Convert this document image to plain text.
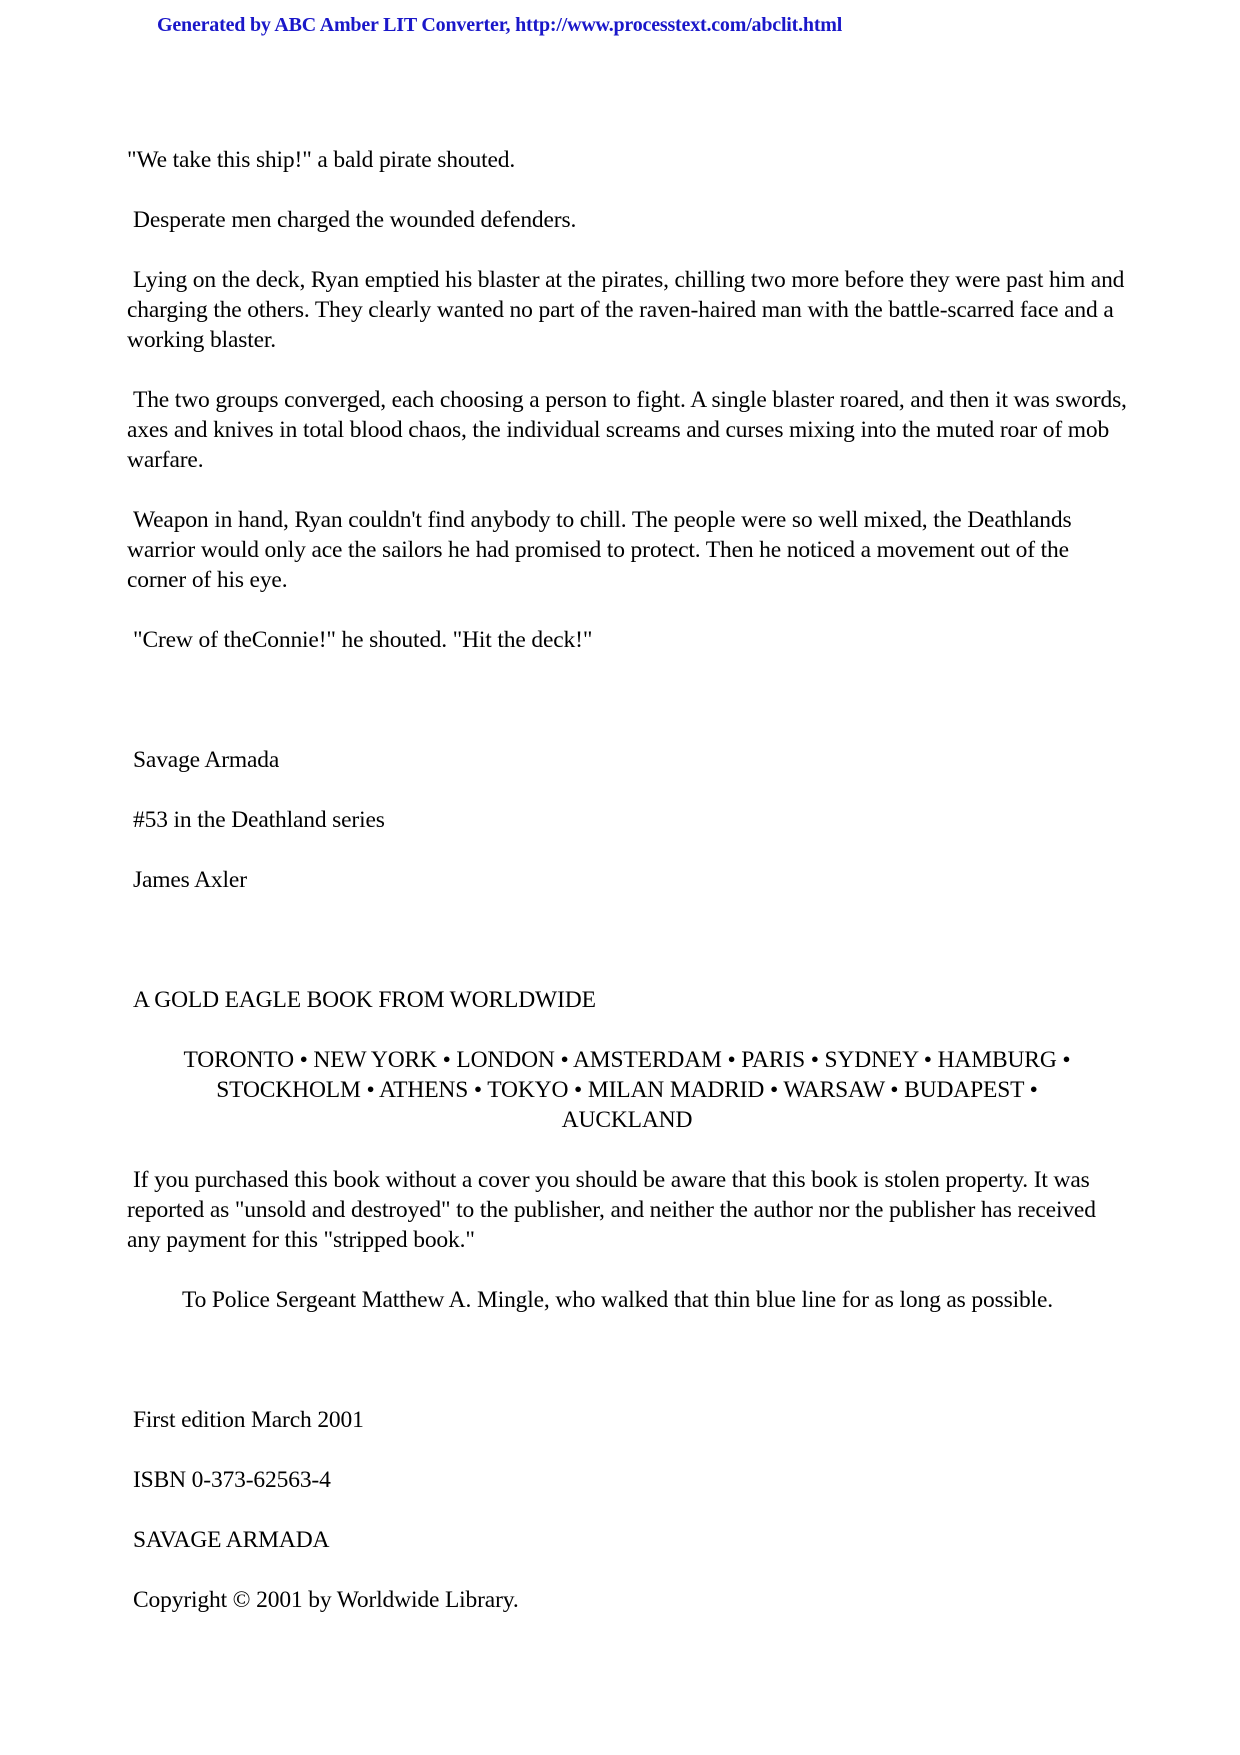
Generated by ABC Amber LIT Converter, http://www.processtext.com/abclit.html

"We take this ship!" a bald pirate shouted.

Desperate men charged the wounded defenders.

Lying on the deck, Ryan emptied his blaster at the pirates, chilling two more before they were past him and charging the others. They clearly wanted no part of the raven-haired man with the battle-scarred face and a working blaster.

The two groups converged, each choosing a person to fight. A single blaster roared, and then it was swords, axes and knives in total blood chaos, the individual screams and curses mixing into the muted roar of mob warfare.

Weapon in hand, Ryan couldn't find anybody to chill. The people were so well mixed, the Deathlands warrior would only ace the sailors he had promised to protect. Then he noticed a movement out of the corner of his eye.

"Crew of theConnie!" he shouted. "Hit the deck!"

Savage Armada

#53 in the Deathland series

James Axler

A GOLD EAGLE BOOK FROM WORLDWIDE

TORONTO • NEW YORK • LONDON • AMSTERDAM • PARIS • SYDNEY • HAMBURG •
STOCKHOLM • ATHENS • TOKYO • MILAN MADRID • WARSAW • BUDAPEST •
AUCKLAND

If you purchased this book without a cover you should be aware that this book is stolen property. It was reported as "unsold and destroyed" to the publisher, and neither the author nor the publisher has received any payment for this "stripped book."

To Police Sergeant Matthew A. Mingle, who walked that thin blue line for as long as possible.

First edition March 2001

ISBN 0-373-62563-4

SAVAGE ARMADA

Copyright © 2001 by Worldwide Library.
